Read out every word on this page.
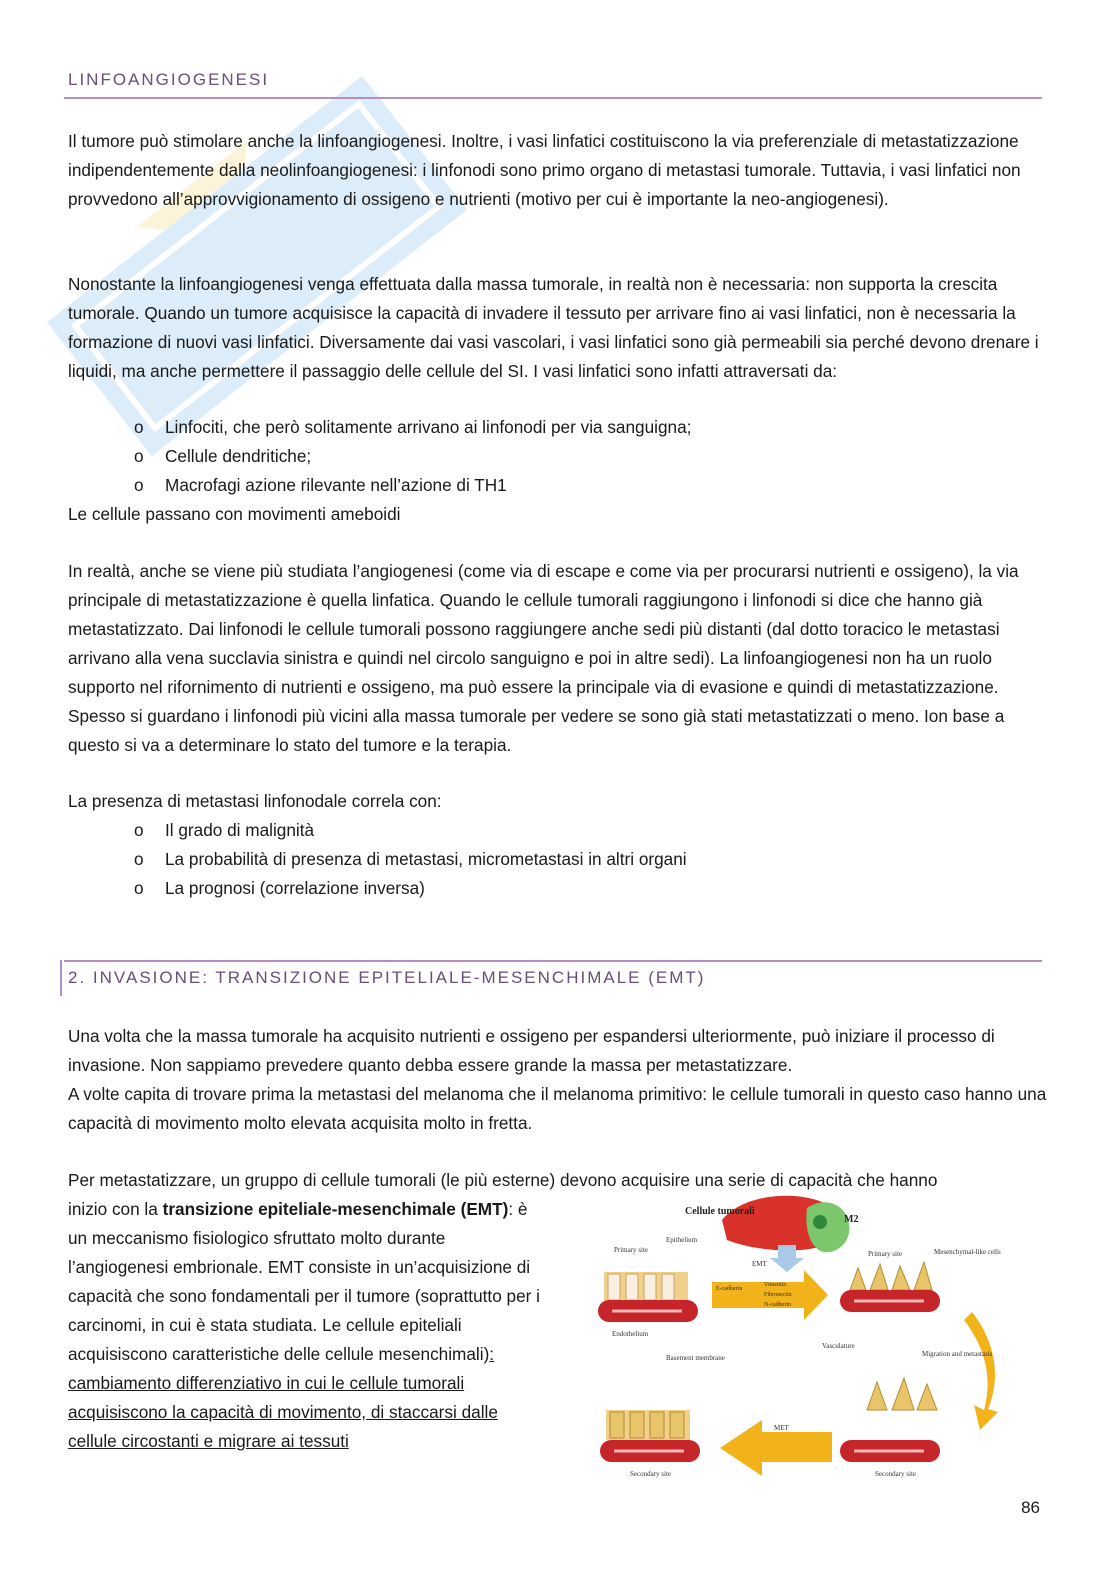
LINFOANGIOGENESI

Il tumore può stimolare anche la linfoangiogenesi. Inoltre, i vasi linfatici costituiscono la via preferenziale di metastatizzazione indipendentemente dalla neolinfoangiogenesi: i linfonodi sono primo organo di metastasi tumorale. Tuttavia, i vasi linfatici non provvedono all’approvvigionamento di ossigeno e nutrienti (motivo per cui è importante la neo-angiogenesi).

Nonostante la linfoangiogenesi venga effettuata dalla massa tumorale, in realtà non è necessaria: non supporta la crescita tumorale. Quando un tumore acquisisce la capacità di invadere il tessuto per arrivare fino ai vasi linfatici, non è necessaria la formazione di nuovi vasi linfatici. Diversamente dai vasi vascolari, i vasi linfatici sono già permeabili sia perché devono drenare i liquidi, ma anche permettere il passaggio delle cellule del SI. I vasi linfatici sono infatti attraversati da:

o Linfociti, che però solitamente arrivano ai linfonodi per via sanguigna;
o Cellule dendritiche;
o Macrofagi azione rilevante nell’azione di TH1

Le cellule passano con movimenti ameboidi

In realtà, anche se viene più studiata l’angiogenesi (come via di escape e come via per procurarsi nutrienti e ossigeno), la via principale di metastatizzazione è quella linfatica. Quando le cellule tumorali raggiungono i linfonodi si dice che hanno già metastatizzato. Dai linfonodi le cellule tumorali possono raggiungere anche sedi più distanti (dal dotto toracico le metastasi arrivano alla vena succlavia sinistra e quindi nel circolo sanguigno e poi in altre sedi). La linfoangiogenesi non ha un ruolo supporto nel rifornimento di nutrienti e ossigeno, ma può essere la principale via di evasione e quindi di metastatizzazione. Spesso si guardano i linfonodi più vicini alla massa tumorale per vedere se sono già stati metastatizzati o meno. Ion base a questo si va a determinare lo stato del tumore e la terapia.

La presenza di metastasi linfonodale correla con:

o Il grado di malignità
o La probabilità di presenza di metastasi, micrometastasi in altri organi
o La prognosi (correlazione inversa)
2. INVASIONE: TRANSIZIONE EPITELIALE-MESENCHIMALE (EMT)

Una volta che la massa tumorale ha acquisito nutrienti e ossigeno per espandersi ulteriormente, può iniziare il processo di invasione. Non sappiamo prevedere quanto debba essere grande la massa per metastatizzare.

A volte capita di trovare prima la metastasi del melanoma che il melanoma primitivo: le cellule tumorali in questo caso hanno una capacità di movimento molto elevata acquisita molto in fretta.

Per metastatizzare, un gruppo di cellule tumorali (le più esterne) devono acquisire una serie di capacità che hanno

inizio con la transizione epiteliale-mesenchimale (EMT): è un meccanismo fisiologico sfruttato molto durante l’angiogenesi embrionale. EMT consiste in un’acquisizione di capacità che sono fondamentali per il tumore (soprattutto per i carcinomi, in cui è stata studiata. Le cellule epiteliali acquisiscono caratteristiche delle cellule mesenchimali): cambiamento differenziativo in cui le cellule tumorali acquisiscono la capacità di movimento, di staccarsi dalle cellule circostanti e migrare ai tessuti

Cellule tumorali
M2
Primary site
Epithelium
Endothelium
Basement membrane
EMT
E-cadherin
Vimentin
Fibronectin
N-cadherin
Primary site	Mesenchymal-like cells
Vasculature
Migration and metastasis
Secondary site
MET
Secondary site
86
